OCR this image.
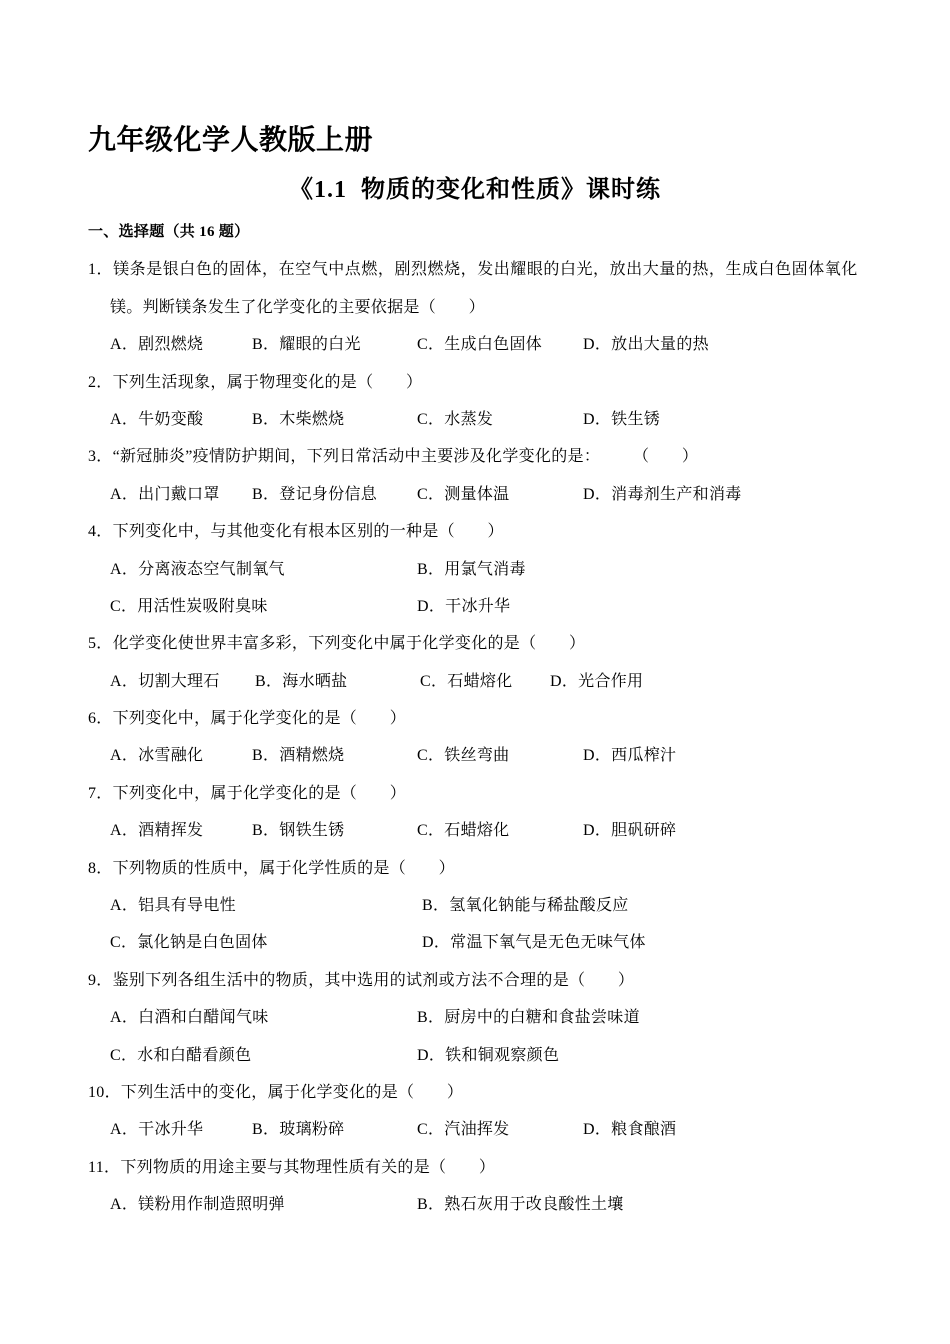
九年级化学人教版上册
《1.1  物质的变化和性质》课时练
一、选择题（共 16 题）
1．镁条是银白色的固体，在空气中点燃，剧烈燃烧，发出耀眼的白光，放出大量的热，生成白色固体氧化
镁。判断镁条发生了化学变化的主要依据是（　　）

A．剧烈燃烧

	B．耀眼的白光

	C．生成白色固体

	D．放出大量的热

2．下列生活现象，属于物理变化的是（　　）

A．牛奶变酸

	B．木柴燃烧

	C．水蒸发

	D．铁生锈

3．“新冠肺炎”疫情防护期间，下列日常活动中主要涉及化学变化的是：　　　（　　）

A．出门戴口罩

B．登记身份信息

C．测量体温

	D．消毒剂生产和消毒

4．下列变化中，与其他变化有根本区别的一种是（　　）

A．分离液态空气制氧气

	B．用氯气消毒

C．用活性炭吸附臭味

	D．干冰升华

5．化学变化使世界丰富多彩，下列变化中属于化学变化的是（　　）

A．切割大理石

B．海水晒盐

	C．石蜡熔化

D．光合作用

6．下列变化中，属于化学变化的是（　　）

A．冰雪融化

	B．酒精燃烧

	C．铁丝弯曲

	D．西瓜榨汁

7．下列变化中，属于化学变化的是（　　）

A．酒精挥发

	B．钢铁生锈

	C．石蜡熔化

	D．胆矾研碎

8．下列物质的性质中，属于化学性质的是（　　）

A．铝具有导电性

	B．氢氧化钠能与稀盐酸反应

C．氯化钠是白色固体

	D．常温下氧气是无色无味气体

9．鉴别下列各组生活中的物质，其中选用的试剂或方法不合理的是（　　）

A．白酒和白醋闻气味

	B．厨房中的白糖和食盐尝味道

C．水和白醋看颜色

	D．铁和铜观察颜色

10．下列生活中的变化，属于化学变化的是（　　）

A．干冰升华

	B．玻璃粉碎

	C．汽油挥发

	D．粮食酿酒

11．下列物质的用途主要与其物理性质有关的是（　　）

A．镁粉用作制造照明弹

	B．熟石灰用于改良酸性土壤
